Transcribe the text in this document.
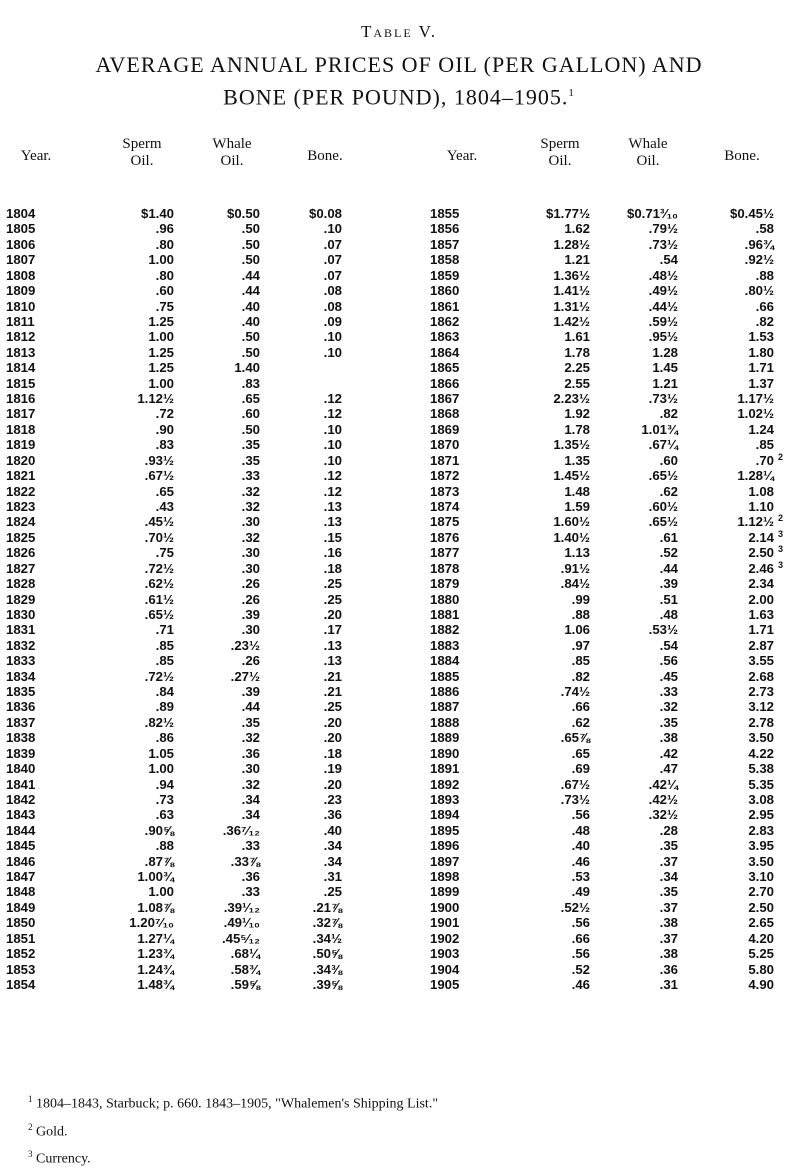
Table V.
AVERAGE ANNUAL PRICES OF OIL (PER GALLON) AND
BONE (PER POUND), 1804–1905.$^1$
Year.
Sperm
Oil.
Whale
Oil.	Bone.
1804	$1.40	$0.50	$0.08
1805	.96	.50	.10
1806	.80	.50	.07
1807	1.00	.50	.07
1808	.80	.44	.07
1809	.60	.44	.08
1810	.75	.40	.08
1811	1.25	.40	.09
1812	1.00	.50	.10
1813	1.25	.50	.10
1814	1.25	1.40
1815	1.00	.83
1816	1.12½	.65	.12
1817	.72	.60	.12
1818	.90	.50	.10
1819	.83	.35	.10
1820	.93½	.35	.10
1821	.67½	.33	.12
1822	.65	.32	.12
1823	.43	.32	.13
1824	.45½	.30	.13
1825	.70½	.32	.15
1826	.75	.30	.16
1827	.72½	.30	.18
1828	.62½	.26	.25
1829	.61½	.26	.25
1830	.65½	.39	.20
1831	.71	.30	.17
1832	.85	.23½	.13
1833	.85	.26	.13
1834	.72½	.27½	.21
1835	.84	.39	.21
1836	.89	.44	.25
1837	.82½	.35	.20
1838	.86	.32	.20
1839	1.05	.36	.18
1840	1.00	.30	.19
1841	.94	.32	.20
1842	.73	.34	.23
1843	.63	.34	.36
1844	.90⅝	.36⁷⁄₁₂	.40
1845	.88	.33	.34
1846	.87⅞	.33⅞	.34
1847	1.00¾	.36	.31
1848	1.00	.33	.25
1849	1.08⅞	.39¹⁄₁₂	.21⅞
1850	1.20⁷⁄₁₀	.49¹⁄₁₀	.32⅞
1851	1.27¼	.45⁵⁄₁₂	.34½
1852	1.23¾	.68¼	.50⅝
1853	1.24¾	.58¾	.34⅜
1854	1.48¾	.59⅝	.39⅝
Year.
Sperm
Oil.
Whale
Oil.	Bone.
1855	$1.77½	$0.71³⁄₁₀	$0.45½
1856	1.62	.79½	.58
1857	1.28½	.73½	.96¾
1858	1.21	.54	.92½
1859	1.36½	.48½	.88
1860	1.41½	.49½	.80½
1861	1.31½	.44½	.66
1862	1.42½	.59½	.82
1863	1.61	.95½	1.53
1864	1.78	1.28	1.80
1865	2.25	1.45	1.71
1866	2.55	1.21	1.37
1867	2.23½	.73½	1.17½
1868	1.92	.82	1.02½
1869	1.78	1.01¾	1.24
1870	1.35½	.67¼	.85
1871	1.35	.60	.70 2
1872	1.45½	.65½	1.28¼
1873	1.48	.62	1.08
1874	1.59	.60½	1.10
1875	1.60½	.65½	1.12½ 2
1876	1.40½	.61	2.14 3
1877	1.13	.52	2.50 3
1878	.91½	.44	2.46 3
1879	.84½	.39	2.34
1880	.99	.51	2.00
1881	.88	.48	1.63
1882	1.06	.53½	1.71
1883	.97	.54	2.87
1884	.85	.56	3.55
1885	.82	.45	2.68
1886	.74½	.33	2.73
1887	.66	.32	3.12
1888	.62	.35	2.78
1889	.65⅞	.38	3.50
1890	.65	.42	4.22
1891	.69	.47	5.38
1892	.67½	.42¼	5.35
1893	.73½	.42½	3.08
1894	.56	.32½	2.95
1895	.48	.28	2.83
1896	.40	.35	3.95
1897	.46	.37	3.50
1898	.53	.34	3.10
1899	.49	.35	2.70
1900	.52½	.37	2.50
1901	.56	.38	2.65
1902	.66	.37	4.20
1903	.56	.38	5.25
1904	.52	.36	5.80
1905	.46	.31	4.90
$^1$ 1804–1843, Starbuck; p. 660. 1843–1905, "Whalemen's Shipping List."
$^2$ Gold.
$^3$ Currency.
